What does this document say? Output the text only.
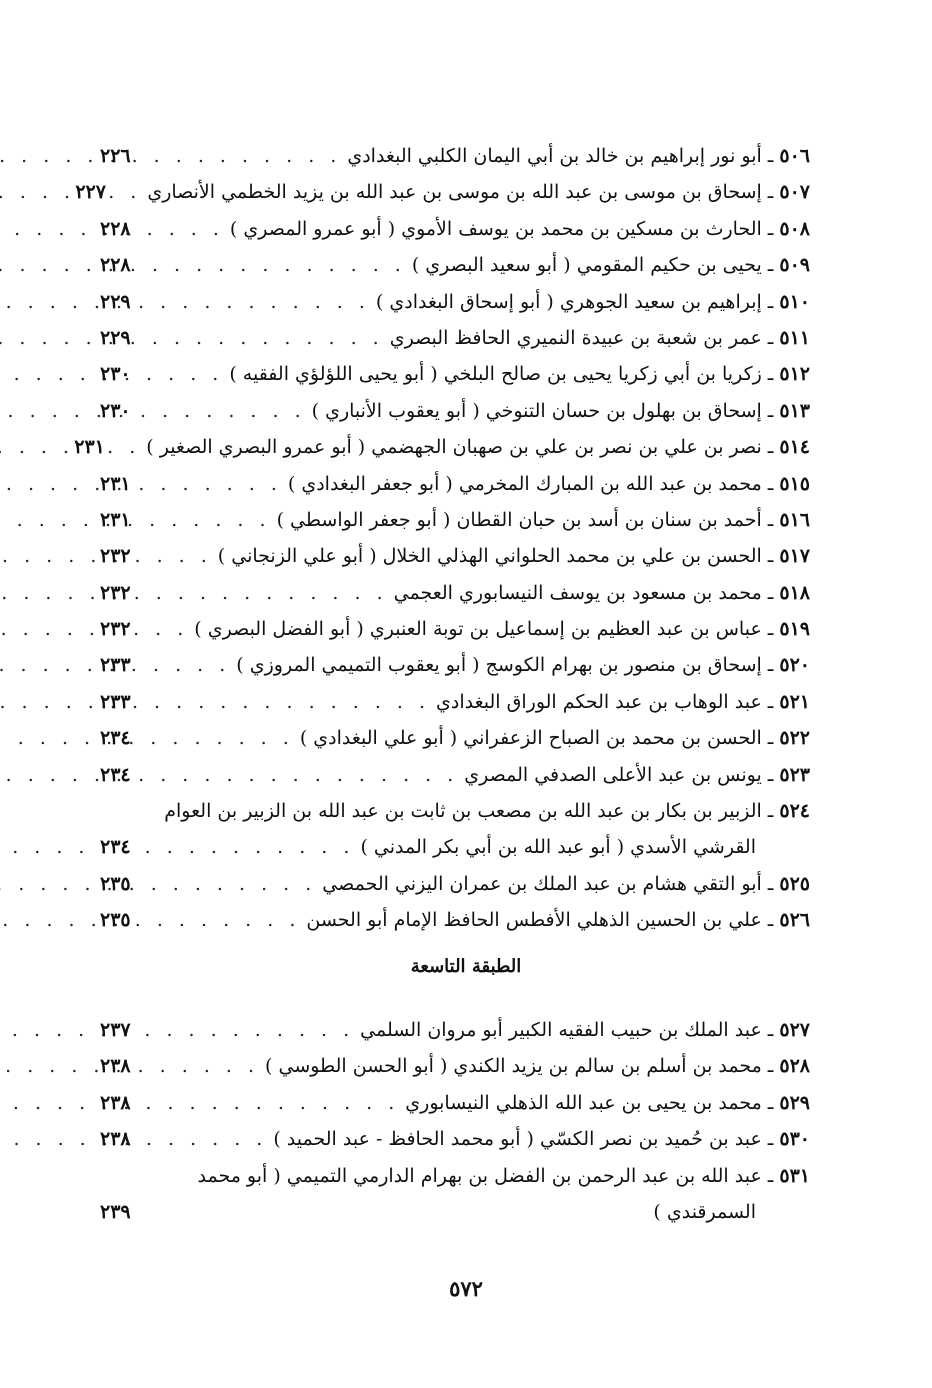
٥٠٦
ـ
أبو نور إبراهيم بن خالد بن أبي اليمان الكلبي البغدادي
. . .
٢٢٦
٥٠٧
ـ
إسحاق بن موسى بن عبد الله بن موسى بن عبد الله بن يزيد الخطمي الأنصاري
. . .
٢٢٧
٥٠٨
ـ
الحارث بن مسكين بن محمد بن يوسف الأموي ( أبو عمرو المصري )
. . .
٢٢٨
٥٠٩
ـ
يحيى بن حكيم المقومي ( أبو سعيد البصري )
. . .
٢٢٨
٥١٠
ـ
إبراهيم بن سعيد الجوهري ( أبو إسحاق البغدادي )
. . .
٢٢٩
٥١١
ـ
عمر بن شعبة بن عبيدة النميري الحافظ البصري
. . .
٢٢٩
٥١٢
ـ
زكريا بن أبي زكريا يحيى بن صالح البلخي ( أبو يحيى اللؤلؤي الفقيه )
. . .
٢٣٠
٥١٣
ـ
إسحاق بن بهلول بن حسان التنوخي ( أبو يعقوب الأنباري )
. . .
٢٣٠
٥١٤
ـ
نصر بن علي بن نصر بن علي بن صهبان الجهضمي ( أبو عمرو البصري الصغير )
. . .
٢٣١
٥١٥
ـ
محمد بن عبد الله بن المبارك المخرمي ( أبو جعفر البغدادي )
. . .
٢٣١
٥١٦
ـ
أحمد بن سنان بن أسد بن حبان القطان ( أبو جعفر الواسطي )
. . .
٢٣١
٥١٧
ـ
الحسن بن علي بن محمد الحلواني الهذلي الخلال ( أبو علي الزنجاني )
. . .
٢٣٢
٥١٨
ـ
محمد بن مسعود بن يوسف النيسابوري العجمي
. . .
٢٣٢
٥١٩
ـ
عباس بن عبد العظيم بن إسماعيل بن توبة العنبري ( أبو الفضل البصري )
. . .
٢٣٢
٥٢٠
ـ
إسحاق بن منصور بن بهرام الكوسج ( أبو يعقوب التميمي المروزي )
. . .
٢٣٣
٥٢١
ـ
عبد الوهاب بن عبد الحكم الوراق البغدادي
. . .
٢٣٣
٥٢٢
ـ
الحسن بن محمد بن الصباح الزعفراني ( أبو علي البغدادي )
. . .
٢٣٤
٥٢٣
ـ
يونس بن عبد الأعلى الصدفي المصري
. . .
٢٣٤
٥٢٤
ـ
الزبير بن بكار بن عبد الله بن مصعب بن ثابت بن عبد الله بن الزبير بن العوام
القرشي الأسدي ( أبو عبد الله بن أبي بكر المدني )
. . .
٢٣٤
٥٢٥
ـ
أبو التقي هشام بن عبد الملك بن عمران اليزني الحمصي
. . .
٢٣٥
٥٢٦
ـ
علي بن الحسين الذهلي الأفطس الحافظ الإمام أبو الحسن
. . .
٢٣٥
الطبقة التاسعة
٥٢٧
ـ
عبد الملك بن حبيب الفقيه الكبير أبو مروان السلمي
. . .
٢٣٧
٥٢٨
ـ
محمد بن أسلم بن سالم بن يزيد الكندي ( أبو الحسن الطوسي )
. . .
٢٣٨
٥٢٩
ـ
محمد بن يحيى بن عبد الله الذهلي النيسابوري
. . .
٢٣٨
٥٣٠
ـ
عبد بن حُميد بن نصر الكسّي ( أبو محمد الحافظ - عبد الحميد )
. . .
٢٣٨
٥٣١
ـ
عبد الله بن عبد الرحمن بن الفضل بن بهرام الدارمي التميمي ( أبو محمد
السمرقندي )
٢٣٩
٥٧٢
